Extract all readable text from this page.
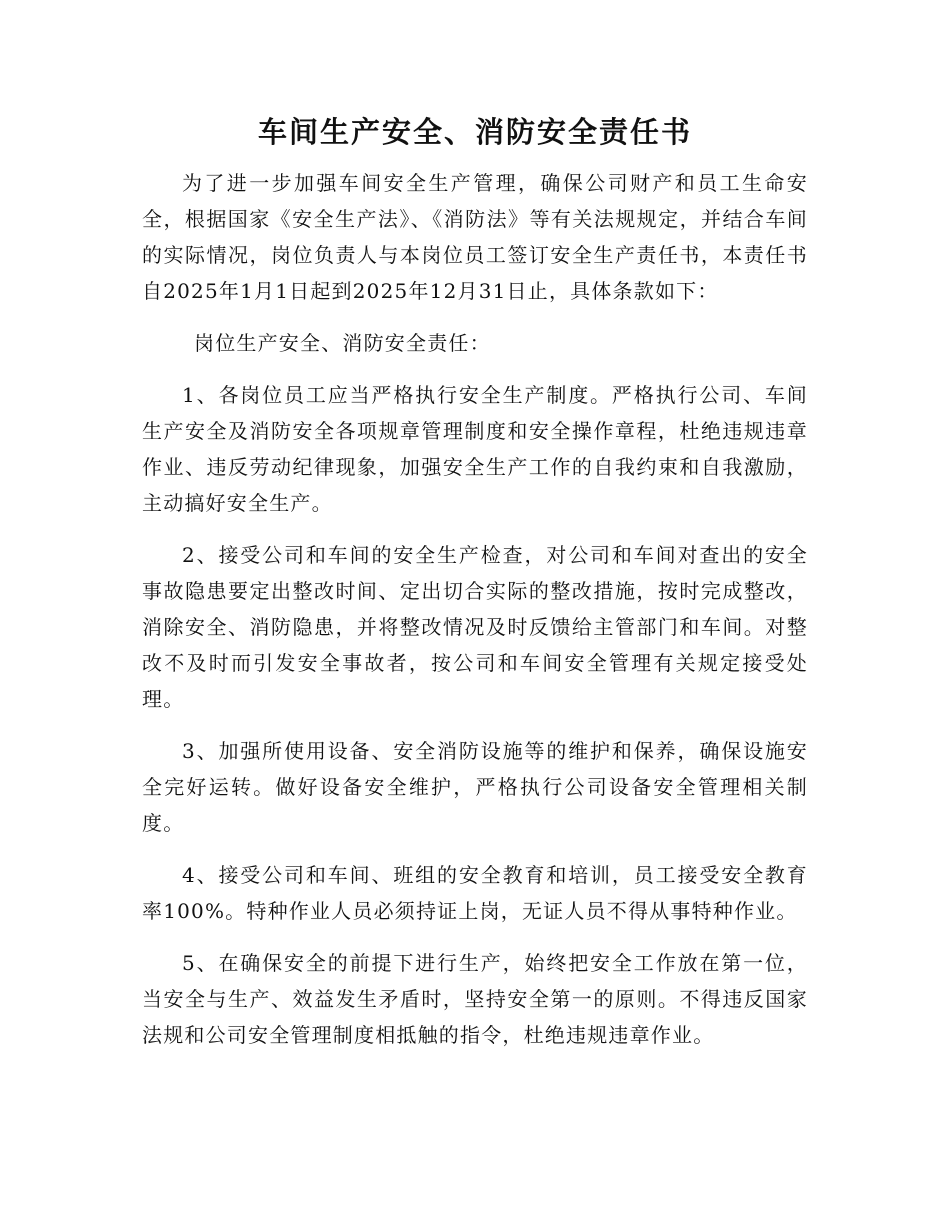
车间生产安全、消防安全责任书

为了进一步加强车间安全生产管理，确保公司财产和员工生命安全，根据国家《安全生产法》、《消防法》等有关法规规定，并结合车间的实际情况，岗位负责人与本岗位员工签订安全生产责任书，本责任书自2025年1月1日起到2025年12月31日止，具体条款如下：

岗位生产安全、消防安全责任：

1、各岗位员工应当严格执行安全生产制度。严格执行公司、车间生产安全及消防安全各项规章管理制度和安全操作章程，杜绝违规违章作业、违反劳动纪律现象，加强安全生产工作的自我约束和自我激励，主动搞好安全生产。

2、接受公司和车间的安全生产检查，对公司和车间对查出的安全事故隐患要定出整改时间、定出切合实际的整改措施，按时完成整改，消除安全、消防隐患，并将整改情况及时反馈给主管部门和车间。对整改不及时而引发安全事故者，按公司和车间安全管理有关规定接受处理。

3、加强所使用设备、安全消防设施等的维护和保养，确保设施安全完好运转。做好设备安全维护，严格执行公司设备安全管理相关制度。

4、接受公司和车间、班组的安全教育和培训，员工接受安全教育率100%。特种作业人员必须持证上岗，无证人员不得从事特种作业。

5、在确保安全的前提下进行生产，始终把安全工作放在第一位，当安全与生产、效益发生矛盾时，坚持安全第一的原则。不得违反国家法规和公司安全管理制度相抵触的指令，杜绝违规违章作业。
